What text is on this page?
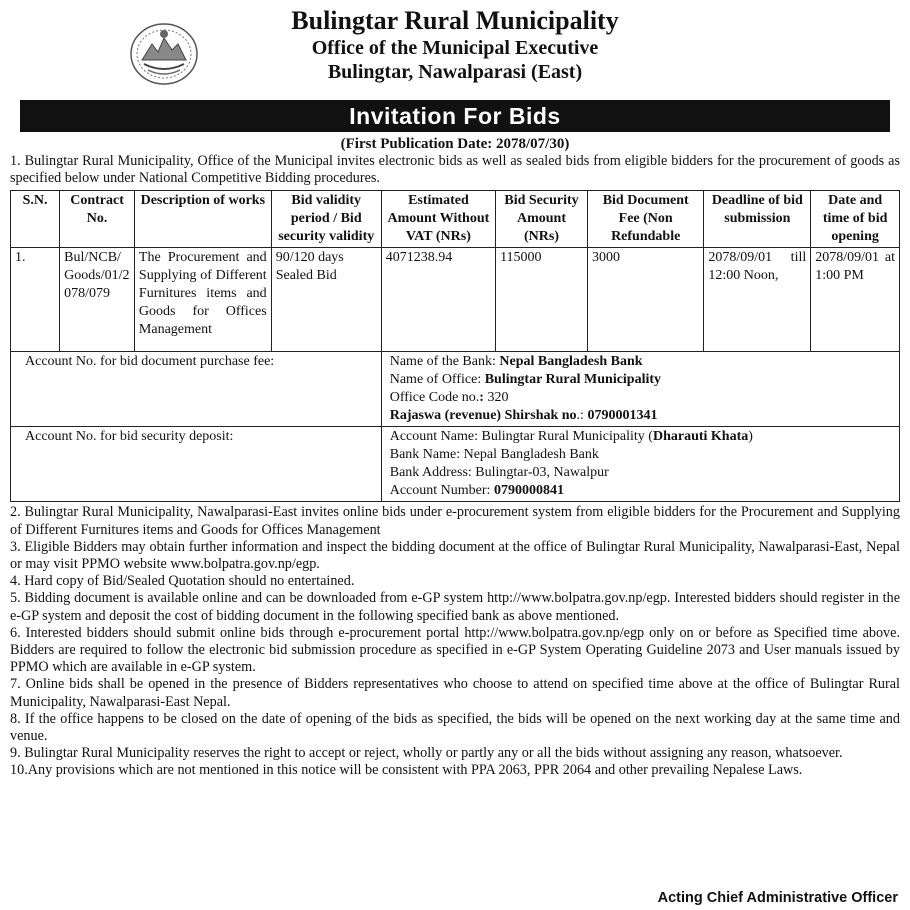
Bulingtar Rural Municipality
Office of the Municipal Executive
Bulingtar, Nawalparasi (East)
Invitation For Bids
(First Publication Date: 2078/07/30)

1. Bulingtar Rural Municipality, Office of the Municipal invites electronic bids as well as sealed bids from eligible bidders for the procurement of goods as specified below under National Competitive Bidding procedures.

S.N.	Contract No.	Description of works	Bid validity period / Bid security validity	Estimated Amount Without VAT (NRs)	Bid Security Amount (NRs)	Bid Document Fee (Non Refundable	Deadline of bid submission	Date and time of bid opening
1.	Bul/NCB/Goods/01/2078/079	The Procurement and Supplying of Different Furnitures items and Goods for Offices Management	90/120 days Sealed Bid	4071238.94	115000	3000	2078/09/01 till 12:00 Noon,	2078/09/01 at 1:00 PM
Account No. for bid document purchase fee:				Name of the Bank: Nepal Bangladesh Bank
Name of Office: Bulingtar Rural Municipality
Office Code no.: 320
Rajaswa (revenue) Shirshak no.: 0790001341				

Account No. for bid security deposit:				Account Name: Bulingtar Rural Municipality (Dharauti Khata)
Bank Name: Nepal Bangladesh Bank
Bank Address: Bulingtar-03, Nawalpur
Account Number: 0790000841				

2. Bulingtar Rural Municipality, Nawalparasi-East invites online bids under e-procurement system from eligible bidders for the Procurement and Supplying of Different Furnitures items and Goods for Offices Management

3. Eligible Bidders may obtain further information and inspect the bidding document at the office of Bulingtar Rural Municipality, Nawalparasi-East, Nepal or may visit PPMO website www.bolpatra.gov.np/egp.

4. Hard copy of Bid/Sealed Quotation should no entertained.

5. Bidding document is available online and can be downloaded from e-GP system http://www.bolpatra.gov.np/egp. Interested bidders should register in the e-GP system and deposit the cost of bidding document in the following specified bank as above mentioned.

6. Interested bidders should submit online bids through e-procurement portal http://www.bolpatra.gov.np/egp only on or before as Specified time above. Bidders are required to follow the electronic bid submission procedure as specified in e-GP System Operating Guideline 2073 and User manuals issued by PPMO which are available in e-GP system.

7. Online bids shall be opened in the presence of Bidders representatives who choose to attend on specified time above at the office of Bulingtar Rural Municipality, Nawalparasi-East Nepal.

8. If the office happens to be closed on the date of opening of the bids as specified, the bids will be opened on the next working day at the same time and venue.

9. Bulingtar Rural Municipality reserves the right to accept or reject, wholly or partly any or all the bids without assigning any reason, whatsoever.

10.Any provisions which are not mentioned in this notice will be consistent with PPA 2063, PPR 2064 and other prevailing Nepalese Laws.

Acting Chief Administrative Officer
